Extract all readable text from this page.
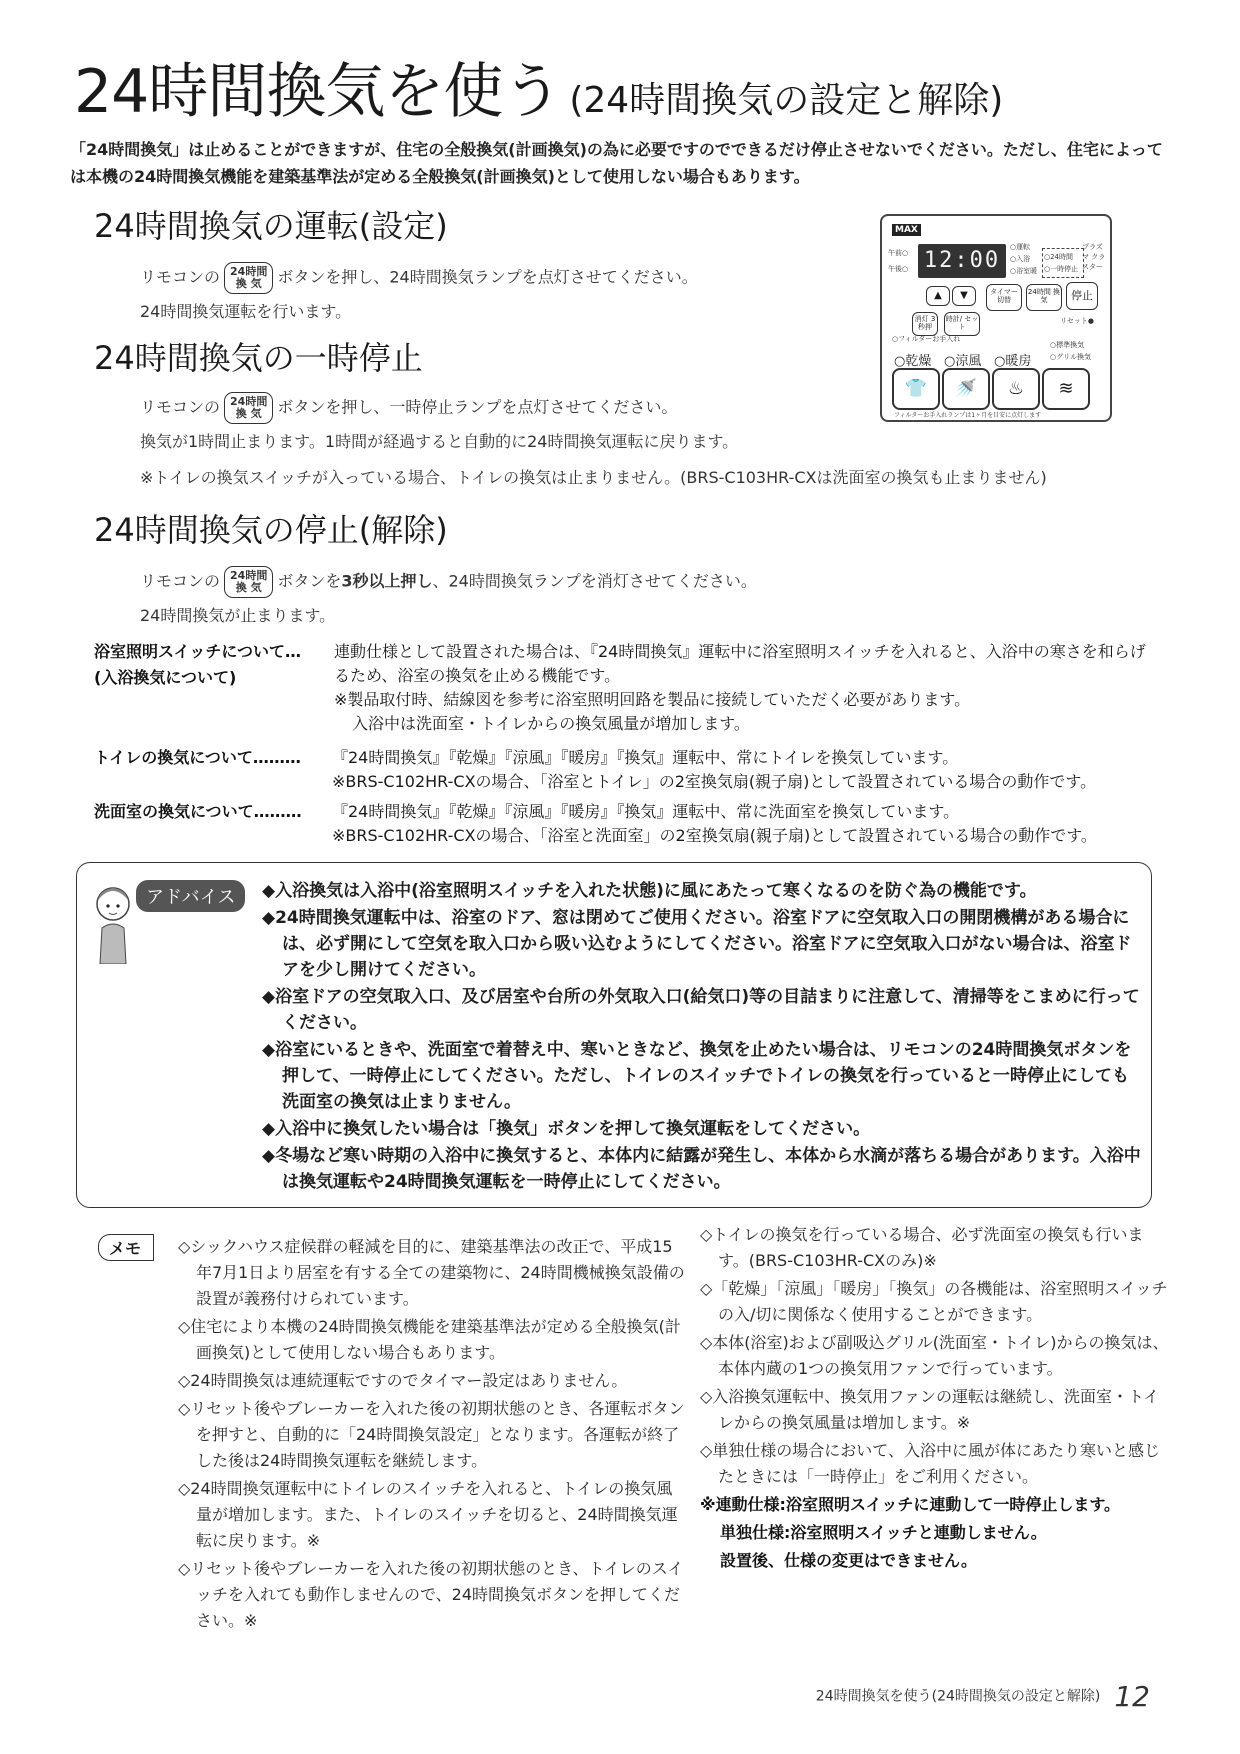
24時間換気を使う (24時間換気の設定と解除)
「24時間換気」は止めることができますが、住宅の全般換気(計画換気)の為に必要ですのでできるだけ停止させないでください。ただし、住宅によっては本機の24時間換気機能を建築基準法が定める全般換気(計画換気)として使用しない場合もあります。
24時間換気の運転(設定)
リモコンの 24時間
換 気 ボタンを押し、24時間換気ランプを点灯させてください。
24時間換気運転を行います。
24時間換気の一時停止
リモコンの 24時間
換 気 ボタンを押し、一時停止ランプを点灯させてください。
換気が1時間止まります。1時間が経過すると自動的に24時間換気運転に戻ります。
※トイレの換気スイッチが入っている場合、トイレの換気は止まりません。(BRS-C103HR-CXは洗面室の換気も止まりません)
24時間換気の停止(解除)
リモコンの 24時間
換 気 ボタンを3秒以上押し、24時間換気ランプを消灯させてください。
24時間換気が止まります。
MAX
午前○
午後○ 12:00
○運転
○入浴
○浴室暖
○24時間
○一時停止
プラズマ クラスター
▲	▼	タイマー 切替
24時間 換気	停止
消灯 3秒押
時計/ セット
リセット●
○フィルターお手入れ
○標準換気
○グリル換気
○乾燥 ○涼風 ○暖房
👕	🚿	♨	≋
フィルターお手入れランプは1ヶ月を目安に点灯します
浴室照明スイッチについて…
(入浴換気について)
連動仕様として設置された場合は、『24時間換気』運転中に浴室照明スイッチを入れると、入浴中の寒さを和らげ
るため、浴室の換気を止める機能です。
※製品取付時、結線図を参考に浴室照明回路を製品に接続していただく必要があります。
入浴中は洗面室・トイレからの換気風量が増加します。
トイレの換気について……… 『24時間換気』『乾燥』『涼風』『暖房』『換気』運転中、常にトイレを換気しています。
※BRS-C102HR-CXの場合、「浴室とトイレ」の2室換気扇(親子扇)として設置されている場合の動作です。
洗面室の換気について……… 『24時間換気』『乾燥』『涼風』『暖房』『換気』運転中、常に洗面室を換気しています。
※BRS-C102HR-CXの場合、「浴室と洗面室」の2室換気扇(親子扇)として設置されている場合の動作です。
アドバイス	◆入浴換気は入浴中(浴室照明スイッチを入れた状態)に風にあたって寒くなるのを防ぐ為の機能です。
◆24時間換気運転中は、浴室のドア、窓は閉めてご使用ください。浴室ドアに空気取入口の開閉機構がある場合には、必ず開にして空気を取入口から吸い込むようにしてください。浴室ドアに空気取入口がない場合は、浴室ドアを少し開けてください。
◆浴室ドアの空気取入口、及び居室や台所の外気取入口(給気口)等の目詰まりに注意して、清掃等をこまめに行ってください。
◆浴室にいるときや、洗面室で着替え中、寒いときなど、換気を止めたい場合は、リモコンの24時間換気ボタンを押して、一時停止にしてください。ただし、トイレのスイッチでトイレの換気を行っていると一時停止にしても洗面室の換気は止まりません。
◆入浴中に換気したい場合は「換気」ボタンを押して換気運転をしてください。
◆冬場など寒い時期の入浴中に換気すると、本体内に結露が発生し、本体から水滴が落ちる場合があります。入浴中は換気運転や24時間換気運転を一時停止にしてください。
メモ	◇シックハウス症候群の軽減を目的に、建築基準法の改正で、平成15年7月1日より居室を有する全ての建築物に、24時間機械換気設備の設置が義務付けられています。
◇住宅により本機の24時間換気機能を建築基準法が定める全般換気(計画換気)として使用しない場合もあります。
◇24時間換気は連続運転ですのでタイマー設定はありません。
◇リセット後やブレーカーを入れた後の初期状態のとき、各運転ボタンを押すと、自動的に「24時間換気設定」となります。各運転が終了した後は24時間換気運転を継続します。
◇24時間換気運転中にトイレのスイッチを入れると、トイレの換気風量が増加します。また、トイレのスイッチを切ると、24時間換気運転に戻ります。※
◇リセット後やブレーカーを入れた後の初期状態のとき、トイレのスイッチを入れても動作しませんので、24時間換気ボタンを押してください。※
◇トイレの換気を行っている場合、必ず洗面室の換気も行います。(BRS-C103HR-CXのみ)※
◇「乾燥」「涼風」「暖房」「換気」の各機能は、浴室照明スイッチの入/切に関係なく使用することができます。
◇本体(浴室)および副吸込グリル(洗面室・トイレ)からの換気は、本体内蔵の1つの換気用ファンで行っています。
◇入浴換気運転中、換気用ファンの運転は継続し、洗面室・トイレからの換気風量は増加します。※
◇単独仕様の場合において、入浴中に風が体にあたり寒いと感じたときには「一時停止」をご利用ください。
※連動仕様:浴室照明スイッチに連動して一時停止します。
単独仕様:浴室照明スイッチと連動しません。
設置後、仕様の変更はできません。
24時間換気を使う(24時間換気の設定と解除) 12
